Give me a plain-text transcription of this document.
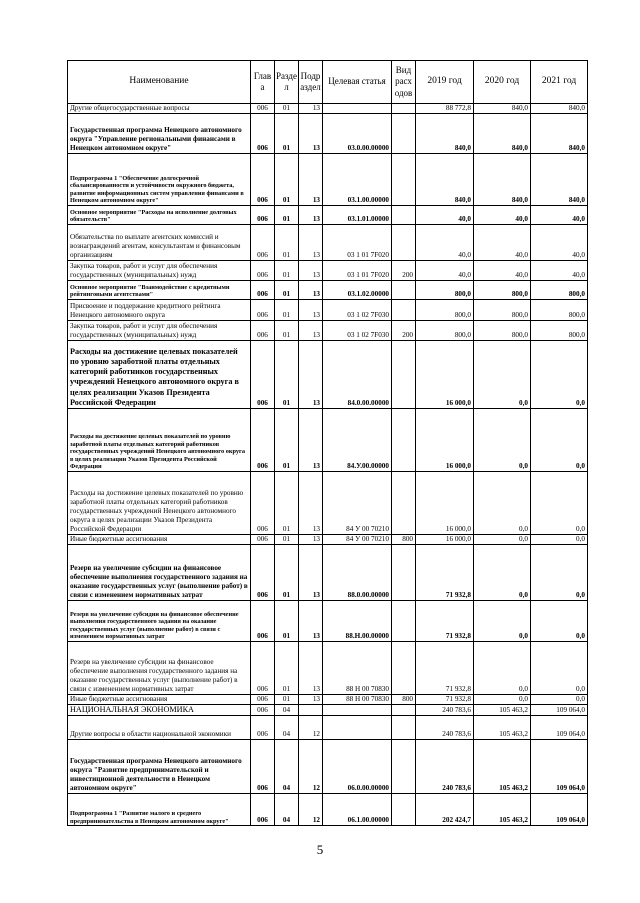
Наименование	Глав а	Разде л	Подр аздел	Целевая статья	Вид расх одов	2019 год	2020 год	2021 год
Другие общегосударственные вопросы	006	01	13			88 772,8	840,0	840,0
Государственная программа Ненецкого автономного округа "Управление региональными финансами в Ненецком автономном округе"	006	01	13	03.0.00.00000		840,0	840,0	840,0
Подпрограмма 1 "Обеспечение долгосрочной сбалансированности и устойчивости окружного бюджета, развитие информационных систем управления финансами в Ненецком автономном округе"	006	01	13	03.1.00.00000		840,0	840,0	840,0
Основное мероприятие "Расходы на исполнение долговых обязательств"	006	01	13	03.1.01.00000		40,0	40,0	40,0
Обязательства по выплате агентских комиссий и вознаграждений агентам, консультантам и финансовым организациям	006	01	13	03 1 01 7F020		40,0	40,0	40,0
Закупка товаров, работ и услуг для обеспечения государственных (муниципальных) нужд	006	01	13	03 1 01 7F020	200	40,0	40,0	40,0
Основное мероприятие "Взаимодействие с кредитными рейтинговыми агентствами"	006	01	13	03.1.02.00000		800,0	800,0	800,0
Присвоение и поддержание кредитного рейтинга Ненецкого автономного округа	006	01	13	03 1 02 7F030		800,0	800,0	800,0
Закупка товаров, работ и услуг для обеспечения государственных (муниципальных) нужд	006	01	13	03 1 02 7F030	200	800,0	800,0	800,0
Расходы на достижение целевых показателей по уровню заработной платы отдельных категорий работников государственных учреждений Ненецкого автономного округа в целях реализации Указов Президента Российской Федерации	006	01	13	84.0.00.00000		16 000,0	0,0	0,0
Расходы на достижение целевых показателей по уровню заработной платы отдельных категорий работников государственных учреждений Ненецкого автономного округа в целях реализации Указов Президента Российской Федерации	006	01	13	84.У.00.00000		16 000,0	0,0	0,0
Расходы на достижение целевых показателей по уровню заработной платы отдельных категорий работников государственных учреждений Ненецкого автономного округа в целях реализации Указов Президента Российской Федерации	006	01	13	84 У 00 70210		16 000,0	0,0	0,0
Иные бюджетные ассигнования	006	01	13	84 У 00 70210	800	16 000,0	0,0	0,0
Резерв на увеличение субсидии на финансовое обеспечение выполнения государственного задания на оказание государственных услуг (выполнение работ) в связи с изменением нормативных затрат	006	01	13	88.0.00.00000		71 932,8	0,0	0,0
Резерв на увеличение субсидии на финансовое обеспечение выполнения государственного задания на оказание государственных услуг (выполнение работ) в связи с изменением нормативных затрат	006	01	13	88.Н.00.00000		71 932,8	0,0	0,0
Резерв на увеличение субсидии на финансовое обеспечение выполнения государственного задания на оказание государственных услуг (выполнение работ) в связи с изменением нормативных затрат	006	01	13	88 Н 00 70830		71 932,8	0,0	0,0
Иные бюджетные ассигнования	006	01	13	88 Н 00 70830	800	71 932,8	0,0	0,0
НАЦИОНАЛЬНАЯ ЭКОНОМИКА	006	04				240 783,6	105 463,2	109 064,0
Другие вопросы в области национальной экономики	006	04	12			240 783,6	105 463,2	109 064,0
Государственная программа Ненецкого автономного округа "Развитие предпринимательской и инвестиционной деятельности в Ненецком автономном округе"	006	04	12	06.0.00.00000		240 783,6	105 463,2	109 064,0
Подпрограмма 1 "Развитие малого и среднего предпринимательства в Ненецком автономном округе"	006	04	12	06.1.00.00000		202 424,7	105 463,2	109 064,0
5
